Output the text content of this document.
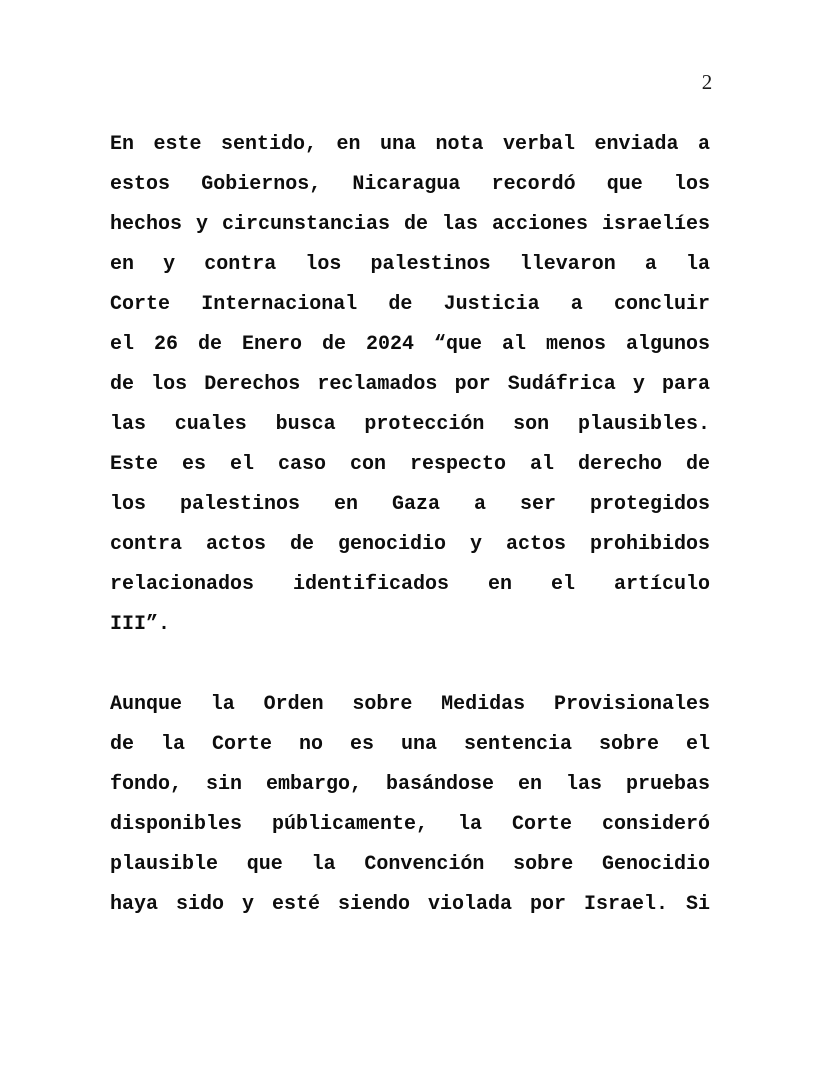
2
En este sentido, en una nota verbal enviada a
estos Gobiernos, Nicaragua recordó que los
hechos y circunstancias de las acciones israelíes
en y contra los palestinos llevaron a la
Corte Internacional de Justicia a concluir
el 26 de Enero de 2024 “que al menos algunos
de los Derechos reclamados por Sudáfrica y para
las cuales busca protección son plausibles.
Este es el caso con respecto al derecho de
los palestinos en Gaza a ser protegidos
contra actos de genocidio y actos prohibidos
relacionados identificados en el artículo
III”.
Aunque la Orden sobre Medidas Provisionales
de la Corte no es una sentencia sobre el
fondo, sin embargo, basándose en las pruebas
disponibles públicamente, la Corte consideró
plausible que la Convención sobre Genocidio
haya sido y esté siendo violada por Israel. Si
